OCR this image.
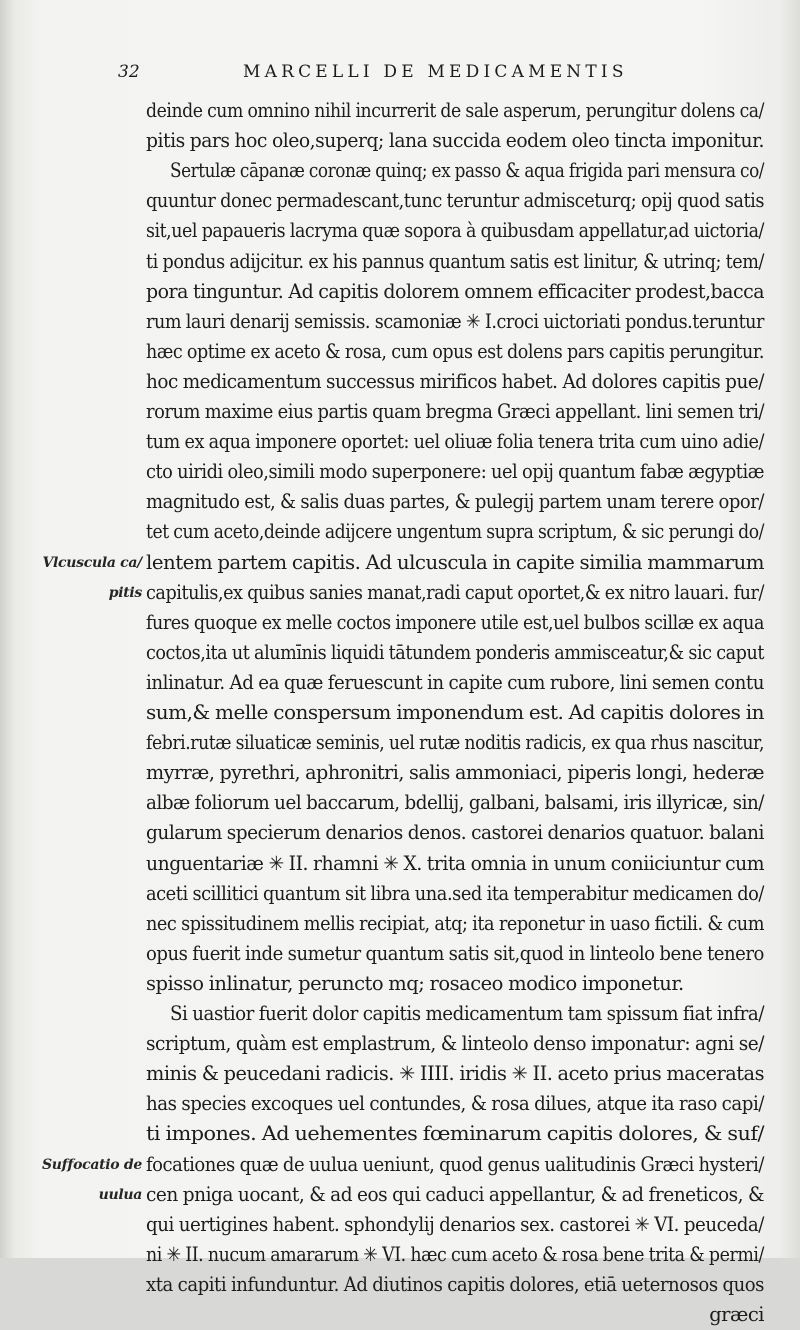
32	MARCELLI DE MEDICAMENTIS
deinde cum omnino nihil incurrerit de sale asperum, perungitur dolens ca/
pitis pars hoc oleo,superq; lana succida eodem oleo tincta imponitur.
Sertulæ cāpanæ coronæ quinq; ex passo & aqua frigida pari mensura co/
quuntur donec permadescant,tunc teruntur admisceturq; opij quod satis
sit,uel papaueris lacryma quæ sopora à quibusdam appellatur,ad uictoria/
ti pondus adijcitur. ex his pannus quantum satis est linitur, & utrinq; tem/
pora tinguntur. Ad capitis dolorem omnem efficaciter prodest,bacca
rum lauri denarij semissis. scamoniæ ✳ I.croci uictoriati pondus.teruntur
hæc optime ex aceto & rosa, cum opus est dolens pars capitis perungitur.
hoc medicamentum successus mirificos habet. Ad dolores capitis pue/
rorum maxime eius partis quam bregma Græci appellant. lini semen tri/
tum ex aqua imponere oportet: uel oliuæ folia tenera trita cum uino adie/
cto uiridi oleo,simili modo superponere: uel opij quantum fabæ ægyptiæ
magnitudo est, & salis duas partes, & pulegij partem unam terere opor/
tet cum aceto,deinde adijcere ungentum supra scriptum, & sic perungi do/
Vlcuscula ca/ lentem partem capitis. Ad ulcuscula in capite similia mammarum
pitis capitulis,ex quibus sanies manat,radi caput oportet,& ex nitro lauari. fur/
fures quoque ex melle coctos imponere utile est,uel bulbos scillæ ex aqua
coctos,ita ut alumīnis liquidi tātundem ponderis ammisceatur,& sic caput
inlinatur. Ad ea quæ feruescunt in capite cum rubore, lini semen contu
sum,& melle conspersum imponendum est. Ad capitis dolores in
febri.rutæ siluaticæ seminis, uel rutæ noditis radicis, ex qua rhus nascitur,
myrræ, pyrethri, aphronitri, salis ammoniaci, piperis longi, hederæ
albæ foliorum uel baccarum, bdellij, galbani, balsami, iris illyricæ, sin/
gularum specierum denarios denos. castorei denarios quatuor. balani
unguentariæ ✳ II. rhamni ✳ X. trita omnia in unum coniiciuntur cum
aceti scillitici quantum sit libra una.sed ita temperabitur medicamen do/
nec spissitudinem mellis recipiat, atq; ita reponetur in uaso fictili. & cum
opus fuerit inde sumetur quantum satis sit,quod in linteolo bene tenero
spisso inlinatur, peruncto mq; rosaceo modico imponetur.
Si uastior fuerit dolor capitis medicamentum tam spissum fiat infra/
scriptum, quàm est emplastrum, & linteolo denso imponatur: agni se/
minis & peucedani radicis. ✳ IIII. iridis ✳ II. aceto prius maceratas
has species excoques uel contundes, & rosa dilues, atque ita raso capi/
ti impones. Ad uehementes fœminarum capitis dolores, & suf/
Suffocatio de focationes quæ de uulua ueniunt, quod genus ualitudinis Græci hysteri/
uulua cen pniga uocant, & ad eos qui caduci appellantur, & ad freneticos, &
qui uertigines habent. sphondylij denarios sex. castorei ✳ VI. peuceda/
ni ✳ II. nucum amararum ✳ VI. hæc cum aceto & rosa bene trita & permi/
xta capiti infunduntur. Ad diutinos capitis dolores, etiā ueternosos quos
græci
